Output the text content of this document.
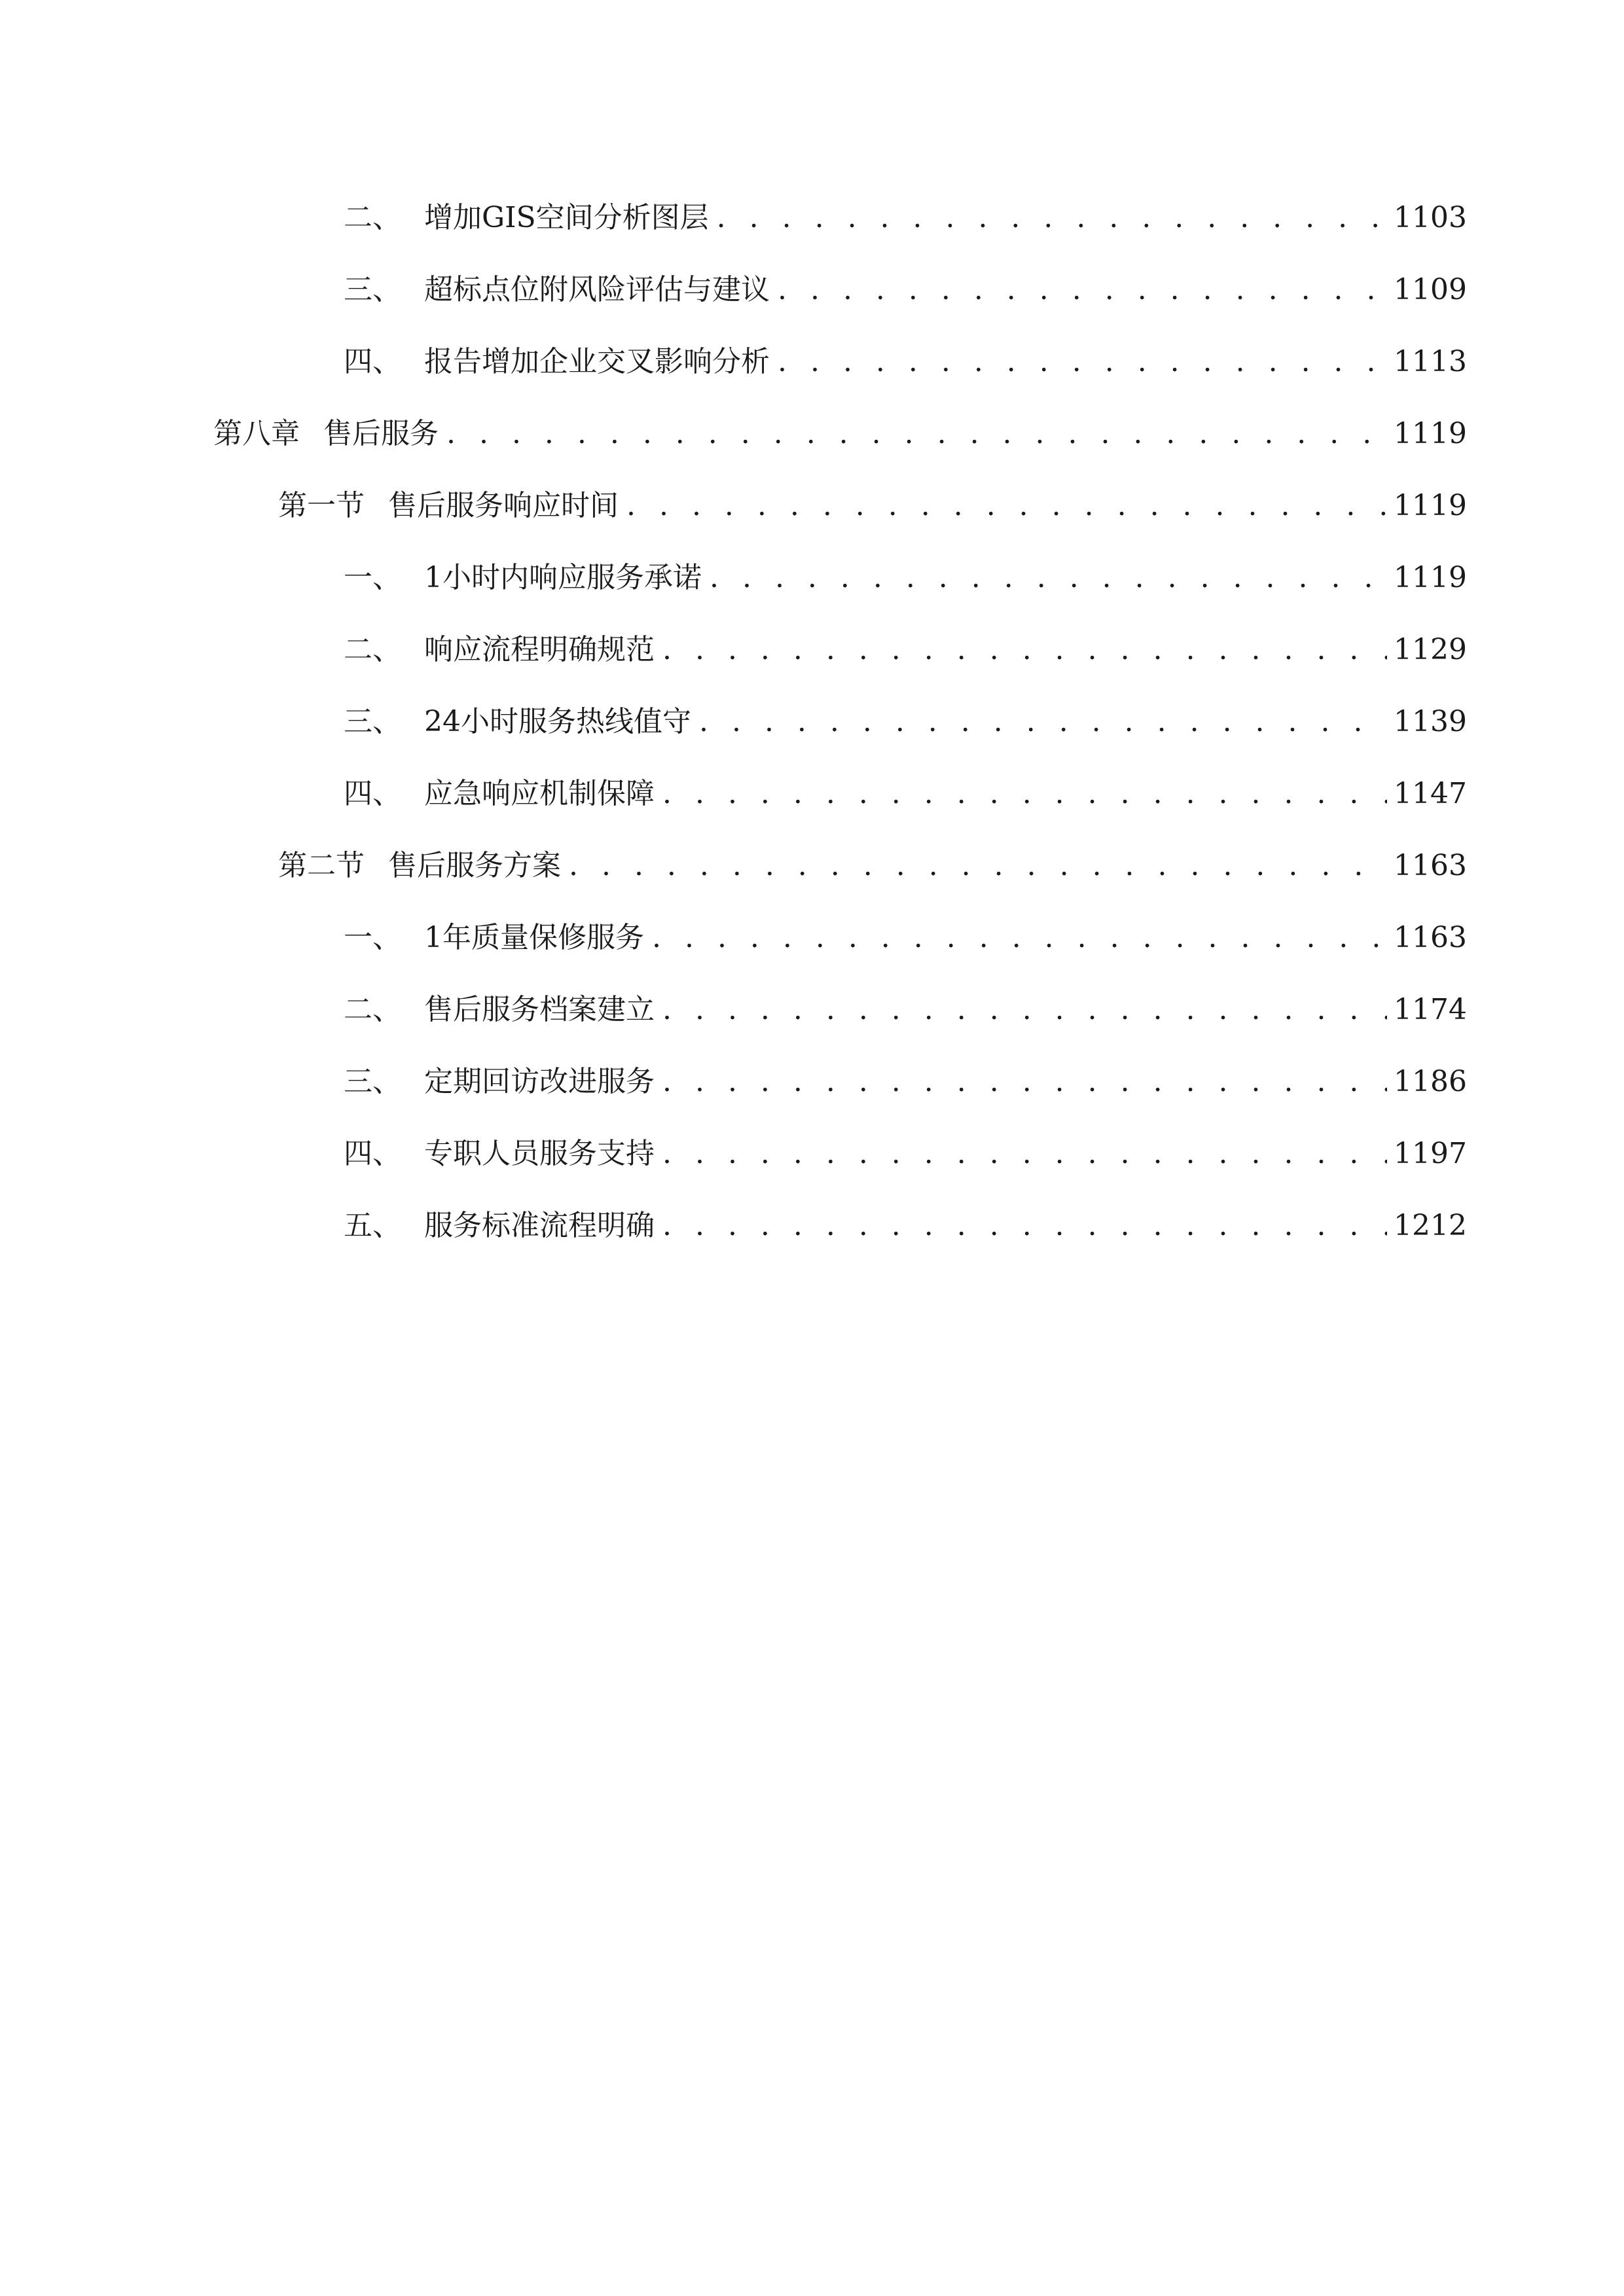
二、 增加GIS空间分析图层 . . .	1103
三、 超标点位附风险评估与建议 . . .	1109
四、 报告增加企业交叉影响分析 . . .	1113
第八章 售后服务 . . .	1119
第一节 售后服务响应时间 . . .	1119
一、 1小时内响应服务承诺 . . .	1119
二、 响应流程明确规范 . . .	1129
三、 24小时服务热线值守 . . .	1139
四、 应急响应机制保障 . . .	1147
第二节 售后服务方案 . . .	1163
一、 1年质量保修服务 . . .	1163
二、 售后服务档案建立 . . .	1174
三、 定期回访改进服务 . . .	1186
四、 专职人员服务支持 . . .	1197
五、 服务标准流程明确 . . .	1212
